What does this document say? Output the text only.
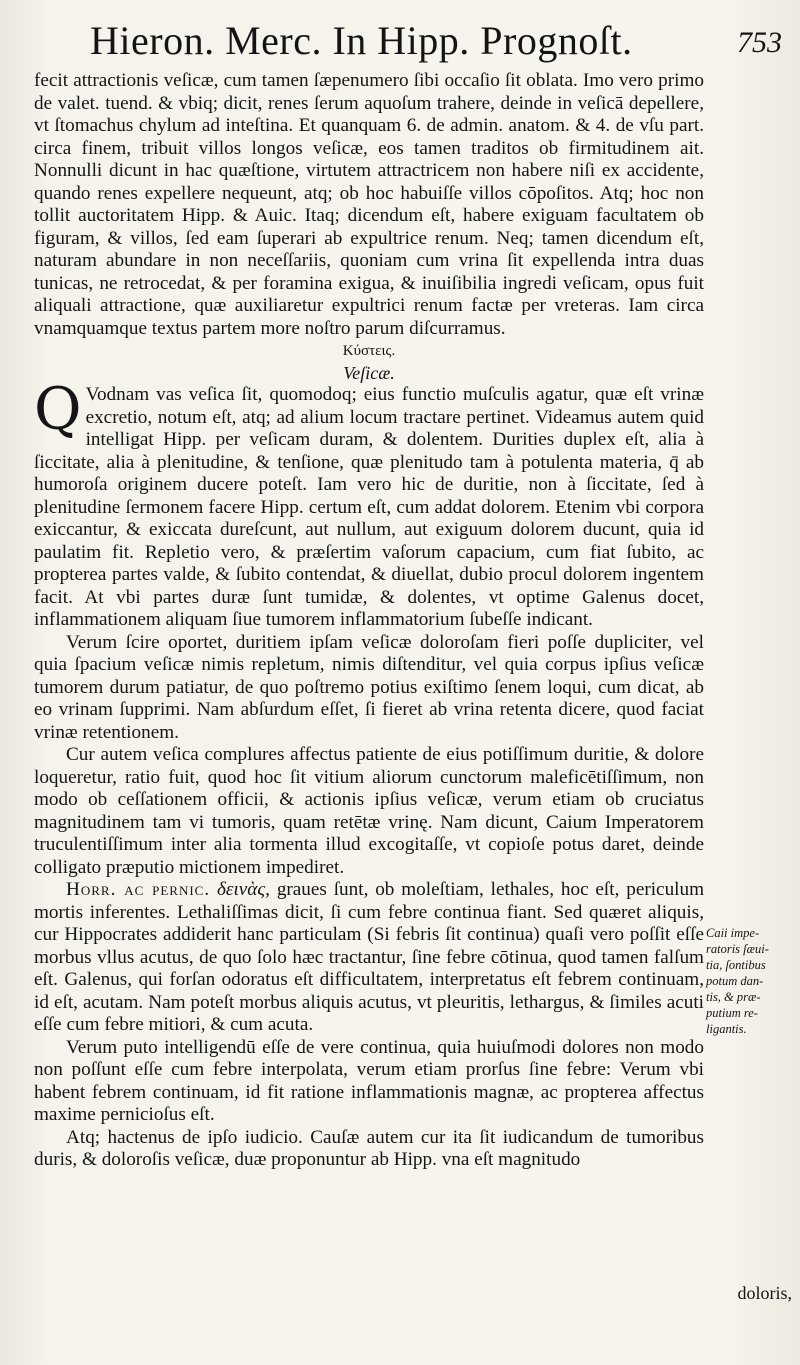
Hieron. Merc. In Hipp. Prognoſt.	753

fecit attractionis veſicæ, cum tamen ſæpenumero ſibi occaſio ſit oblata. Imo vero primo de valet. tuend. & vbiq; dicit, renes ſerum aquoſum trahere, deinde in veſicā depellere, vt ſtomachus chylum ad inteſtina. Et quanquam 6. de admin. anatom. & 4. de vſu part. circa finem, tribuit villos longos veſicæ, eos tamen traditos ob firmitudinem ait. Nonnulli dicunt in hac quæſtione, virtutem attractricem non habere niſi ex accidente, quando renes expellere nequeunt, atq; ob hoc habuiſſe villos cōpoſitos. Atq; hoc non tollit auctoritatem Hipp. & Auic. Itaq; dicendum eſt, habere exiguam facultatem ob figuram, & villos, ſed eam ſuperari ab expultrice renum. Neq; tamen dicendum eſt, naturam abundare in non neceſſariis, quoniam cum vrina ſit expellenda intra duas tunicas, ne retrocedat, & per foramina exigua, & inuiſibilia ingredi veſicam, opus fuit aliquali attractione, quæ auxiliaretur expultrici renum factæ per vreteras. Iam circa vnamquamque textus partem more noſtro parum diſcurramus.

Κύστεις.

Veſicæ.

Q Vodnam vas veſica ſit, quomodoq; eius functio muſculis agatur, quæ eſt vrinæ excretio, notum eſt, atq; ad alium locum tractare pertinet. Videamus autem quid intelligat Hipp. per veſicam duram, & dolentem. Durities duplex eſt, alia à ſiccitate, alia à plenitudine, & tenſione, quæ plenitudo tam à potulenta materia, q̄ ab humoroſa originem ducere poteſt. Iam vero hic de duritie, non à ſiccitate, ſed à plenitudine ſermonem facere Hipp. certum eſt, cum addat dolorem. Etenim vbi corpora exiccantur, & exiccata dureſcunt, aut nullum, aut exiguum dolorem ducunt, quia id paulatim fit. Repletio vero, & præſertim vaſorum capacium, cum fiat ſubito, ac propterea partes valde, & ſubito contendat, & diuellat, dubio procul dolorem ingentem facit. At vbi partes duræ ſunt tumidæ, & dolentes, vt optime Galenus docet, inflammationem aliquam ſiue tumorem inflammatorium ſubeſſe indicant.

Verum ſcire oportet, duritiem ipſam veſicæ doloroſam fieri poſſe dupliciter, vel quia ſpacium veſicæ nimis repletum, nimis diſtenditur, vel quia corpus ipſius veſicæ tumorem durum patiatur, de quo poſtremo potius exiſtimo ſenem loqui, cum dicat, ab eo vrinam ſupprimi. Nam abſurdum eſſet, ſi fieret ab vrina retenta dicere, quod faciat vrinæ retentionem.

Cur autem veſica complures affectus patiente de eius potiſſimum duritie, & dolore loqueretur, ratio fuit, quod hoc ſit vitium aliorum cunctorum maleficētiſſimum, non modo ob ceſſationem officii, & actionis ipſius veſicæ, verum etiam ob cruciatus magnitudinem tam vi tumoris, quam retētæ vrinę. Nam dicunt, Caium Imperatorem truculentiſſimum inter alia tormenta illud excogitaſſe, vt copioſe potus daret, deinde colligato præputio mictionem impediret.

Horr. ac pernic. δεινὰς, graues ſunt, ob moleſtiam, lethales, hoc eſt, periculum mortis inferentes. Lethaliſſimas dicit, ſi cum febre continua fiant. Sed quæret aliquis, cur Hippocrates addiderit hanc particulam (Si febris ſit continua) quaſi vero poſſit eſſe morbus vllus acutus, de quo ſolo hæc tractantur, ſine febre cōtinua, quod tamen falſum eſt. Galenus, qui forſan odoratus eſt difficultatem, interpretatus eſt febrem continuam, id eſt, acutam. Nam poteſt morbus aliquis acutus, vt pleuritis, lethargus, & ſimiles acuti eſſe cum febre mitiori, & cum acuta.

Verum puto intelligendū eſſe de vere continua, quia huiuſmodi dolores non modo non poſſunt eſſe cum febre interpolata, verum etiam prorſus ſine febre: Verum vbi habent febrem continuam, id fit ratione inflammationis magnæ, ac propterea affectus maxime pernicioſus eſt.

Atq; hactenus de ipſo iudicio. Cauſæ autem cur ita ſit iudicandum de tumoribus duris, & doloroſis veſicæ, duæ proponuntur ab Hipp. vna eſt magnitudo

Caii impe-
ratoris ſæui-
tia, ſontibus
potum dan-
tis, & præ-
putium re-
ligantis.
doloris,
